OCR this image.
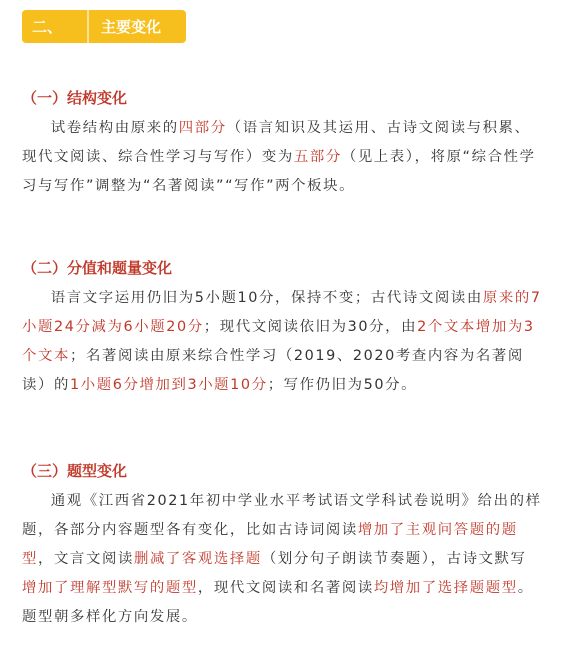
二、	主要变化
（一）结构变化
试卷结构由原来的四部分（语言知识及其运用、古诗文阅读与积累、现代文阅读、综合性学习与写作）变为五部分（见上表），将原“综合性学习与写作”调整为“名著阅读”“写作”两个板块。
（二）分值和题量变化
语言文字运用仍旧为5小题10分，保持不变；古代诗文阅读由原来的7小题24分减为6小题20分；现代文阅读依旧为30分，由2个文本增加为3个文本；名著阅读由原来综合性学习（2019、2020考查内容为名著阅读）的1小题6分增加到3小题10分；写作仍旧为50分。
（三）题型变化
通观《江西省2021年初中学业水平考试语文学科试卷说明》给出的样题，各部分内容题型各有变化，比如古诗词阅读增加了主观问答题的题型，文言文阅读删减了客观选择题（划分句子朗读节奏题），古诗文默写增加了理解型默写的题型，现代文阅读和名著阅读均增加了选择题题型。题型朝多样化方向发展。
